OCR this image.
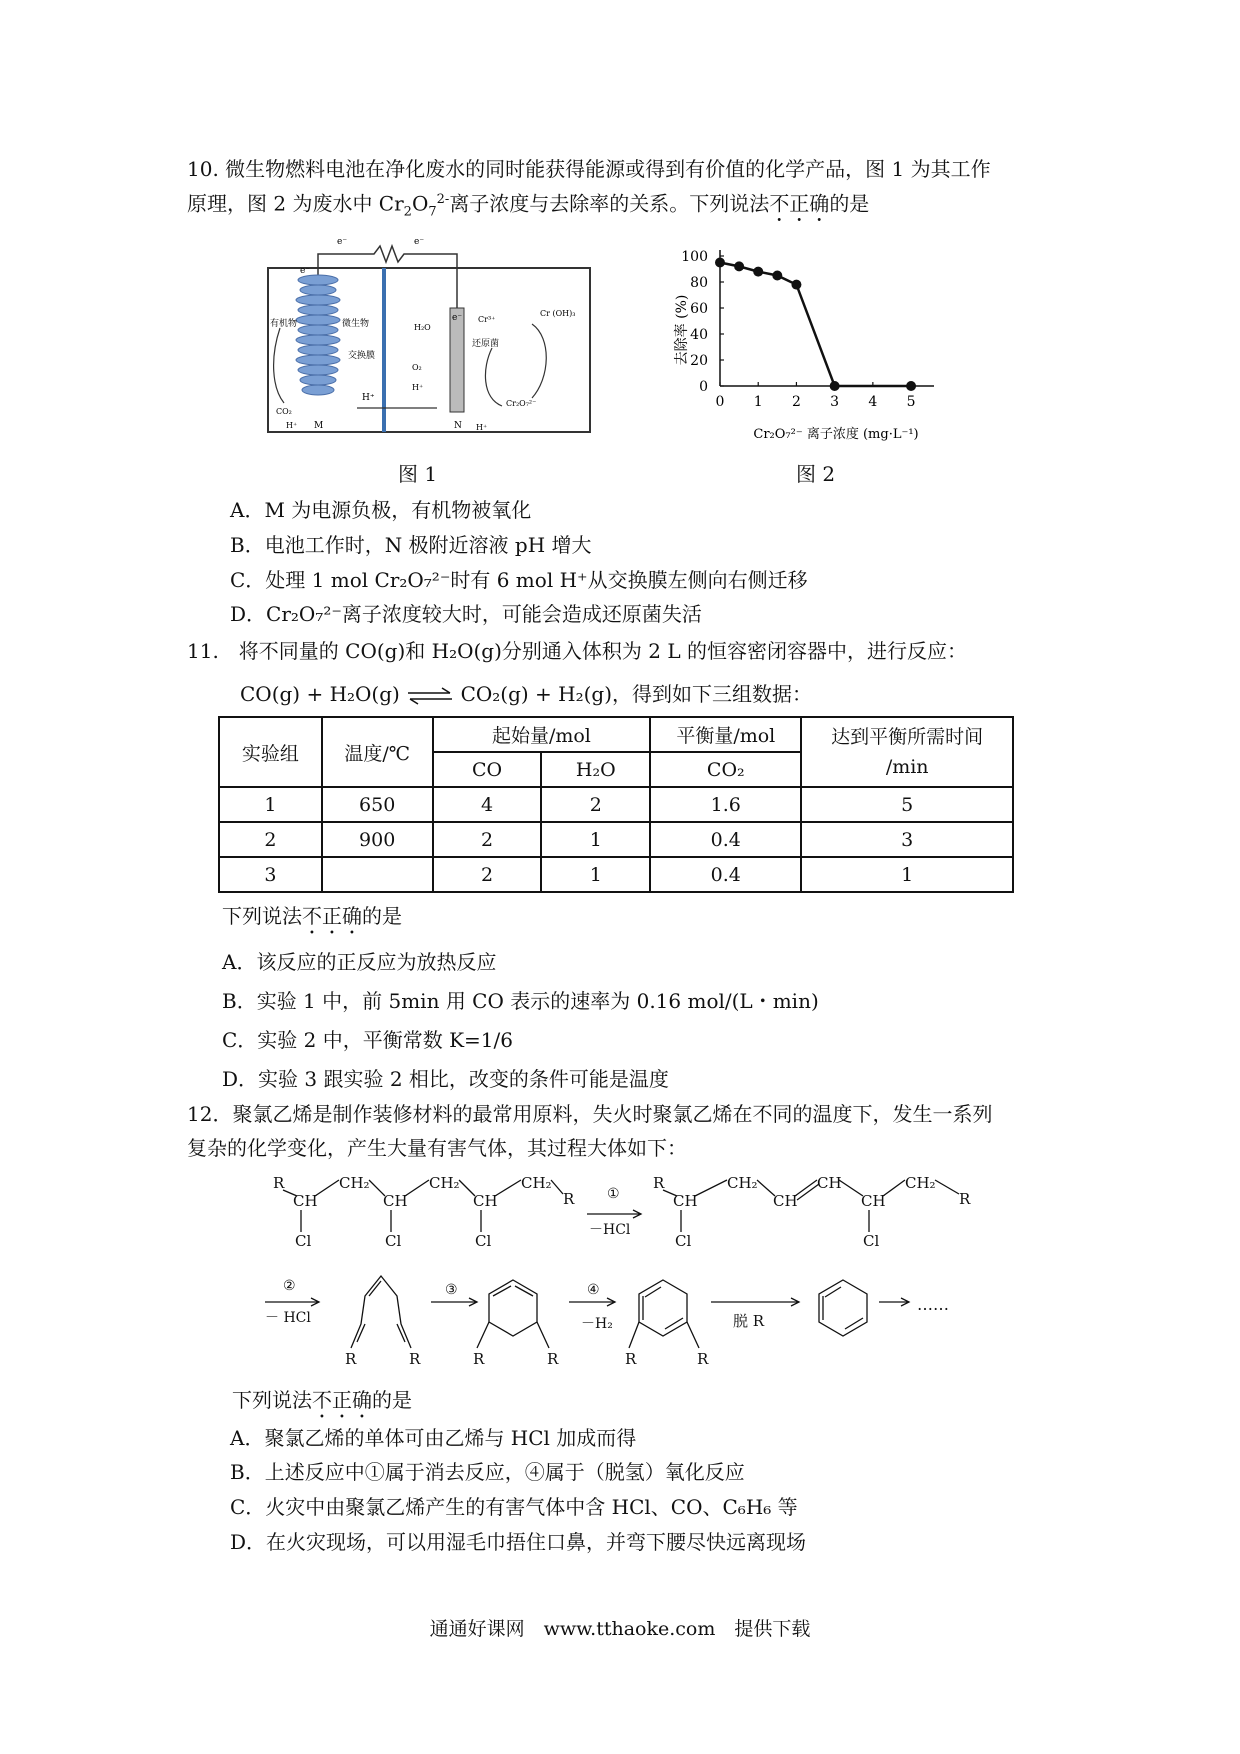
10. 微生物燃料电池在净化废水的同时能获得能源或得到有价值的化学产品，图 1 为其工作
原理，图 2 为废水中 $Cr_2O_7^{2-}$离子浓度与去除率的关系。下列说法不正确的是
e⁻	e⁻
e⁻
e⁻
有机物	微生物
交换膜
CO₂
H⁺ M
H⁺
N H⁺
H₂O
O₂
H⁺
Cr³⁺
Cr (OH)₃
还原菌
Cr₂O₇²⁻
图 1
0
20
40
60
80
100
0 1 2 3 4 5
去除率 (%)
Cr₂O₇²⁻ 离子浓度 (mg·L⁻¹)
图 2
A．M 为电源负极，有机物被氧化
B．电池工作时，N 极附近溶液 pH 增大
C．处理 1 mol Cr₂O₇²⁻时有 6 mol H⁺从交换膜左侧向右侧迁移
D．Cr₂O₇²⁻离子浓度较大时，可能会造成还原菌失活
11.　将不同量的 CO(g)和 H₂O(g)分别通入体积为 2 L 的恒容密闭容器中，进行反应：
CO(g) + H₂O(g) ⇌ CO₂(g) + H₂(g)，得到如下三组数据：
实验组	温度/℃	起始量/mol		平衡量/mol	达到平衡所需时间
/min
		CO	H₂O	CO₂	
1	650	4	2	1.6	5
2	900	2	1	0.4	3
3		2	1	0.4	1
下列说法不正确的是
A．该反应的正反应为放热反应
B．实验 1 中，前 5min 用 CO 表示的速率为 0.16 mol/(L・min)
C．实验 2 中，平衡常数 K=1/6
D．实验 3 跟实验 2 相比，改变的条件可能是温度
12．聚氯乙烯是制作装修材料的最常用原料，失火时聚氯乙烯在不同的温度下，发生一系列
复杂的化学变化，产生大量有害气体，其过程大体如下：
R
CH
Cl
CH₂
CH
Cl
CH₂
CH
Cl
CH₂
R ①
－HCl
R
CH
Cl
CH₂
CH
CH
CH
Cl
CH₂
R
②
－ HCl
R	R
③
R	R
④
－H₂
R	R
脱 R
……
下列说法不正确的是
A．聚氯乙烯的单体可由乙烯与 HCl 加成而得
B．上述反应中①属于消去反应，④属于（脱氢）氧化反应
C．火灾中由聚氯乙烯产生的有害气体中含 HCl、CO、C₆H₆ 等
D．在火灾现场，可以用湿毛巾捂住口鼻，并弯下腰尽快远离现场
通通好课网　www.tthaoke.com　提供下载
